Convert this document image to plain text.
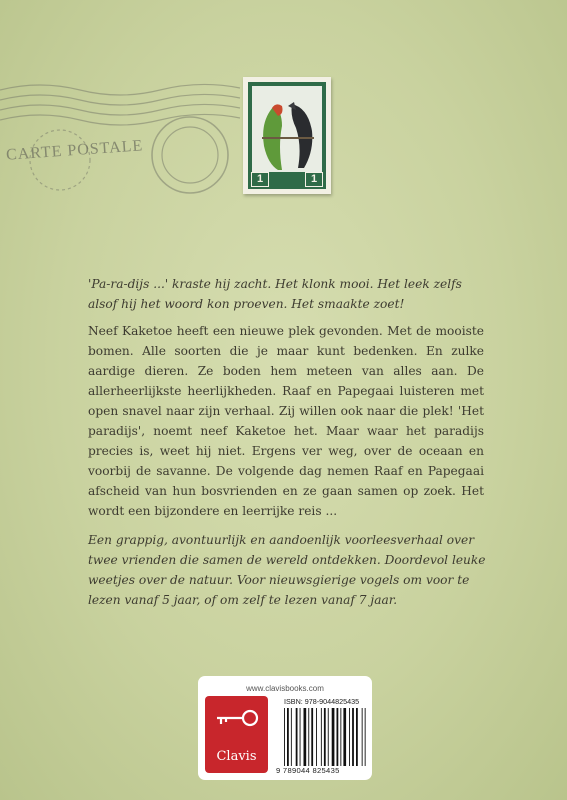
CARTE POSTALE
1	1

'Pa-ra-dijs ...' kraste hij zacht. Het klonk mooi. Het leek zelfs alsof hij het woord kon proeven. Het smaakte zoet!

Neef Kaketoe heeft een nieuwe plek gevonden. Met de mooiste bomen. Alle soorten die je maar kunt bedenken. En zulke aardige dieren. Ze boden hem meteen van alles aan. De allerheerlijkste heerlijkheden. Raaf en Papegaai luisteren met open snavel naar zijn verhaal. Zij willen ook naar die plek! 'Het paradijs', noemt neef Kaketoe het. Maar waar het paradijs precies is, weet hij niet. Ergens ver weg, over de oceaan en voorbij de savanne. De volgende dag nemen Raaf en Papegaai afscheid van hun bosvrienden en ze gaan samen op zoek. Het wordt een bijzondere en leerrijke reis ...

Een grappig, avontuurlijk en aandoenlijk voorleesverhaal over twee vrienden die samen de wereld ontdekken. Doordevol leuke weetjes over de natuur. Voor nieuwsgierige vogels om voor te lezen vanaf 5 jaar, of om zelf te lezen vanaf 7 jaar.

www.clavisbooks.com
Clavis
ISBN: 978-9044825435
9 789044 825435
